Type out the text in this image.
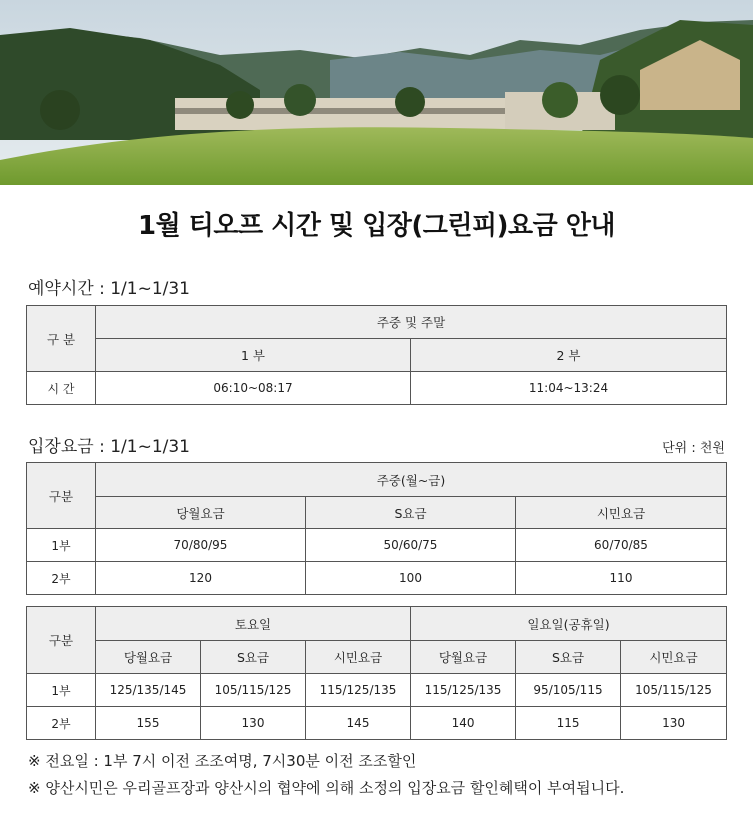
1월 티오프 시간 및 입장(그린피)요금 안내
예약시간 : 1/1~1/31
구 분	주중 및 주말	
	1 부	2 부
시 간	06:10~08:17	11:04~13:24
입장요금 : 1/1~1/31	단위 : 천원
구분	주중(월~금)		
	당월요금	S요금	시민요금
1부	70/80/95	50/60/75	60/70/85
2부	120	100	110
구분	토요일			일요일(공휴일)		
	당월요금	S요금	시민요금	당월요금	S요금	시민요금
1부	125/135/145	105/115/125	115/125/135	115/125/135	95/105/115	105/115/125
2부	155	130	145	140	115	130
※ 전요일 : 1부 7시 이전 조조여명, 7시30분 이전 조조할인
※ 양산시민은 우리골프장과 양산시의 협약에 의해 소정의 입장요금 할인혜택이 부여됩니다.
